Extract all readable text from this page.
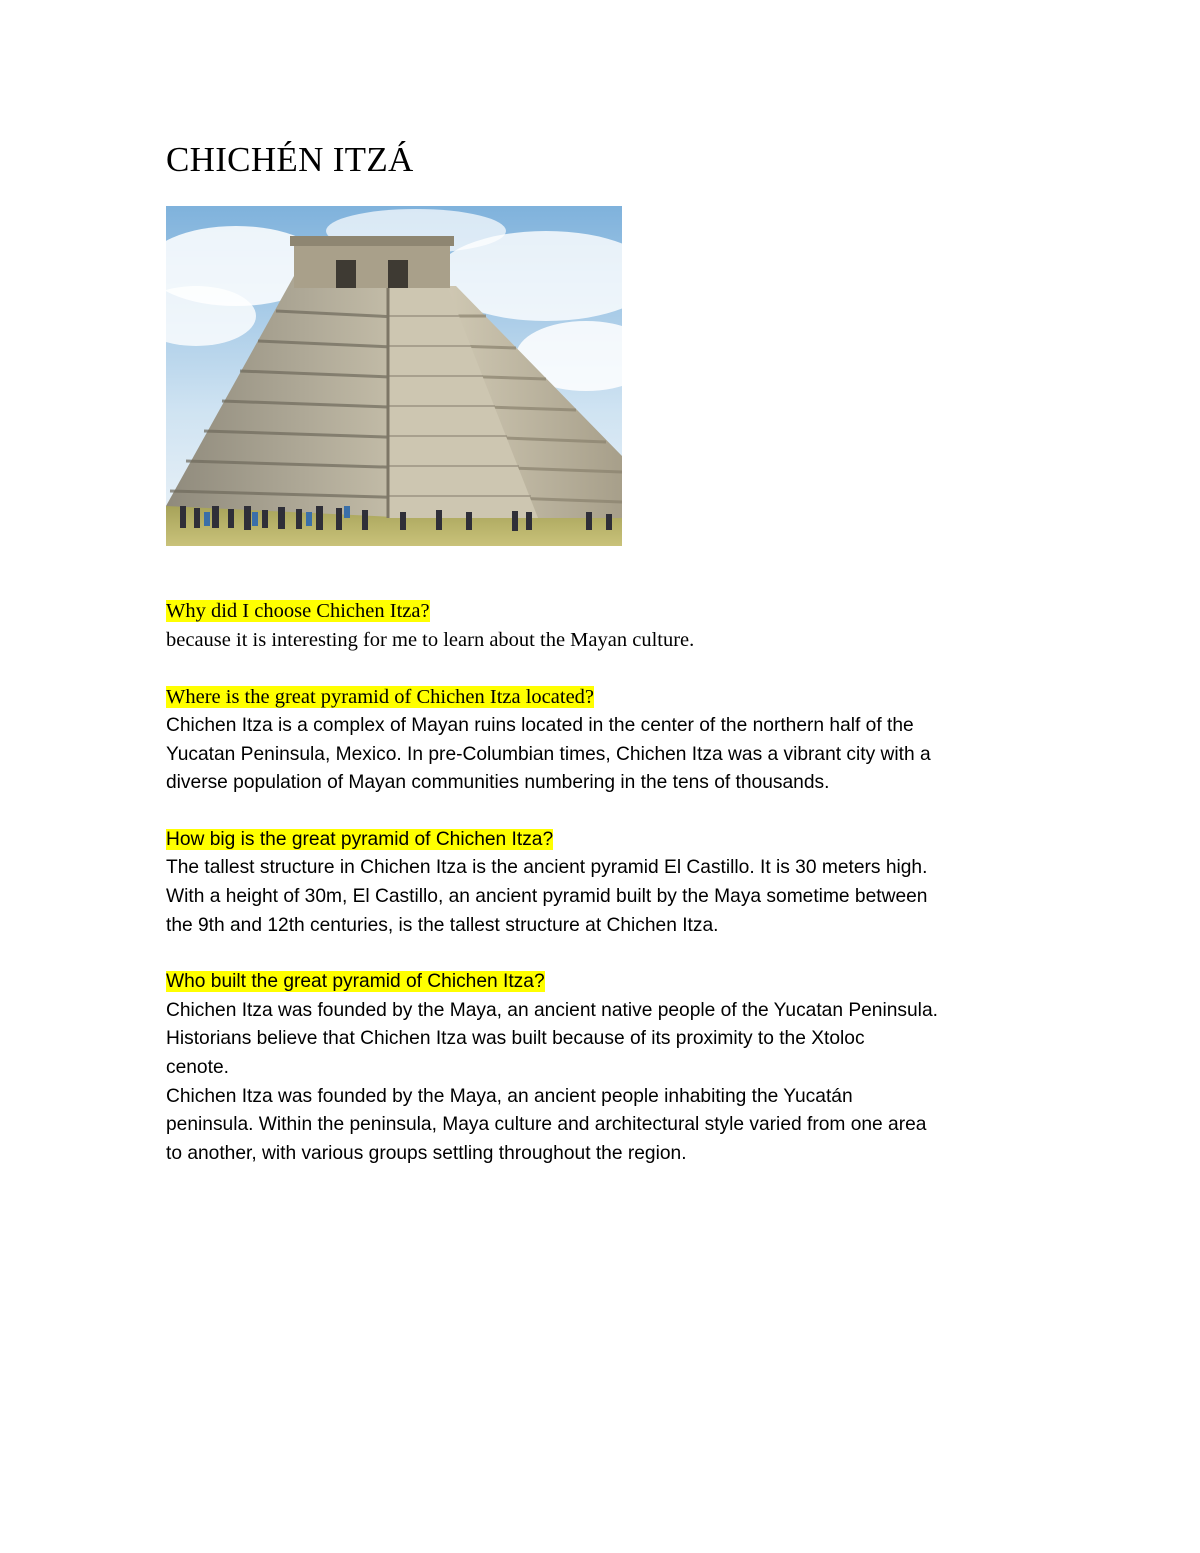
CHICHÉN ITZÁ

Why did I choose Chichen Itza?

because it is interesting for me to learn about the Mayan culture.

Where is the great pyramid of Chichen Itza located?

Chichen Itza is a complex of Mayan ruins located in the center of the northern half of the

Yucatan Peninsula, Mexico. In pre-Columbian times, Chichen Itza was a vibrant city with a

diverse population of Mayan communities numbering in the tens of thousands.

How big is the great pyramid of Chichen Itza?

The tallest structure in Chichen Itza is the ancient pyramid El Castillo. It is 30 meters high.

With a height of 30m, El Castillo, an ancient pyramid built by the Maya sometime between

the 9th and 12th centuries, is the tallest structure at Chichen Itza.

Who built the great pyramid of Chichen Itza?

Chichen Itza was founded by the Maya, an ancient native people of the Yucatan Peninsula.

Historians believe that Chichen Itza was built because of its proximity to the Xtoloc

cenote.

Chichen Itza was founded by the Maya, an ancient people inhabiting the Yucatán

peninsula. Within the peninsula, Maya culture and architectural style varied from one area

to another, with various groups settling throughout the region.
